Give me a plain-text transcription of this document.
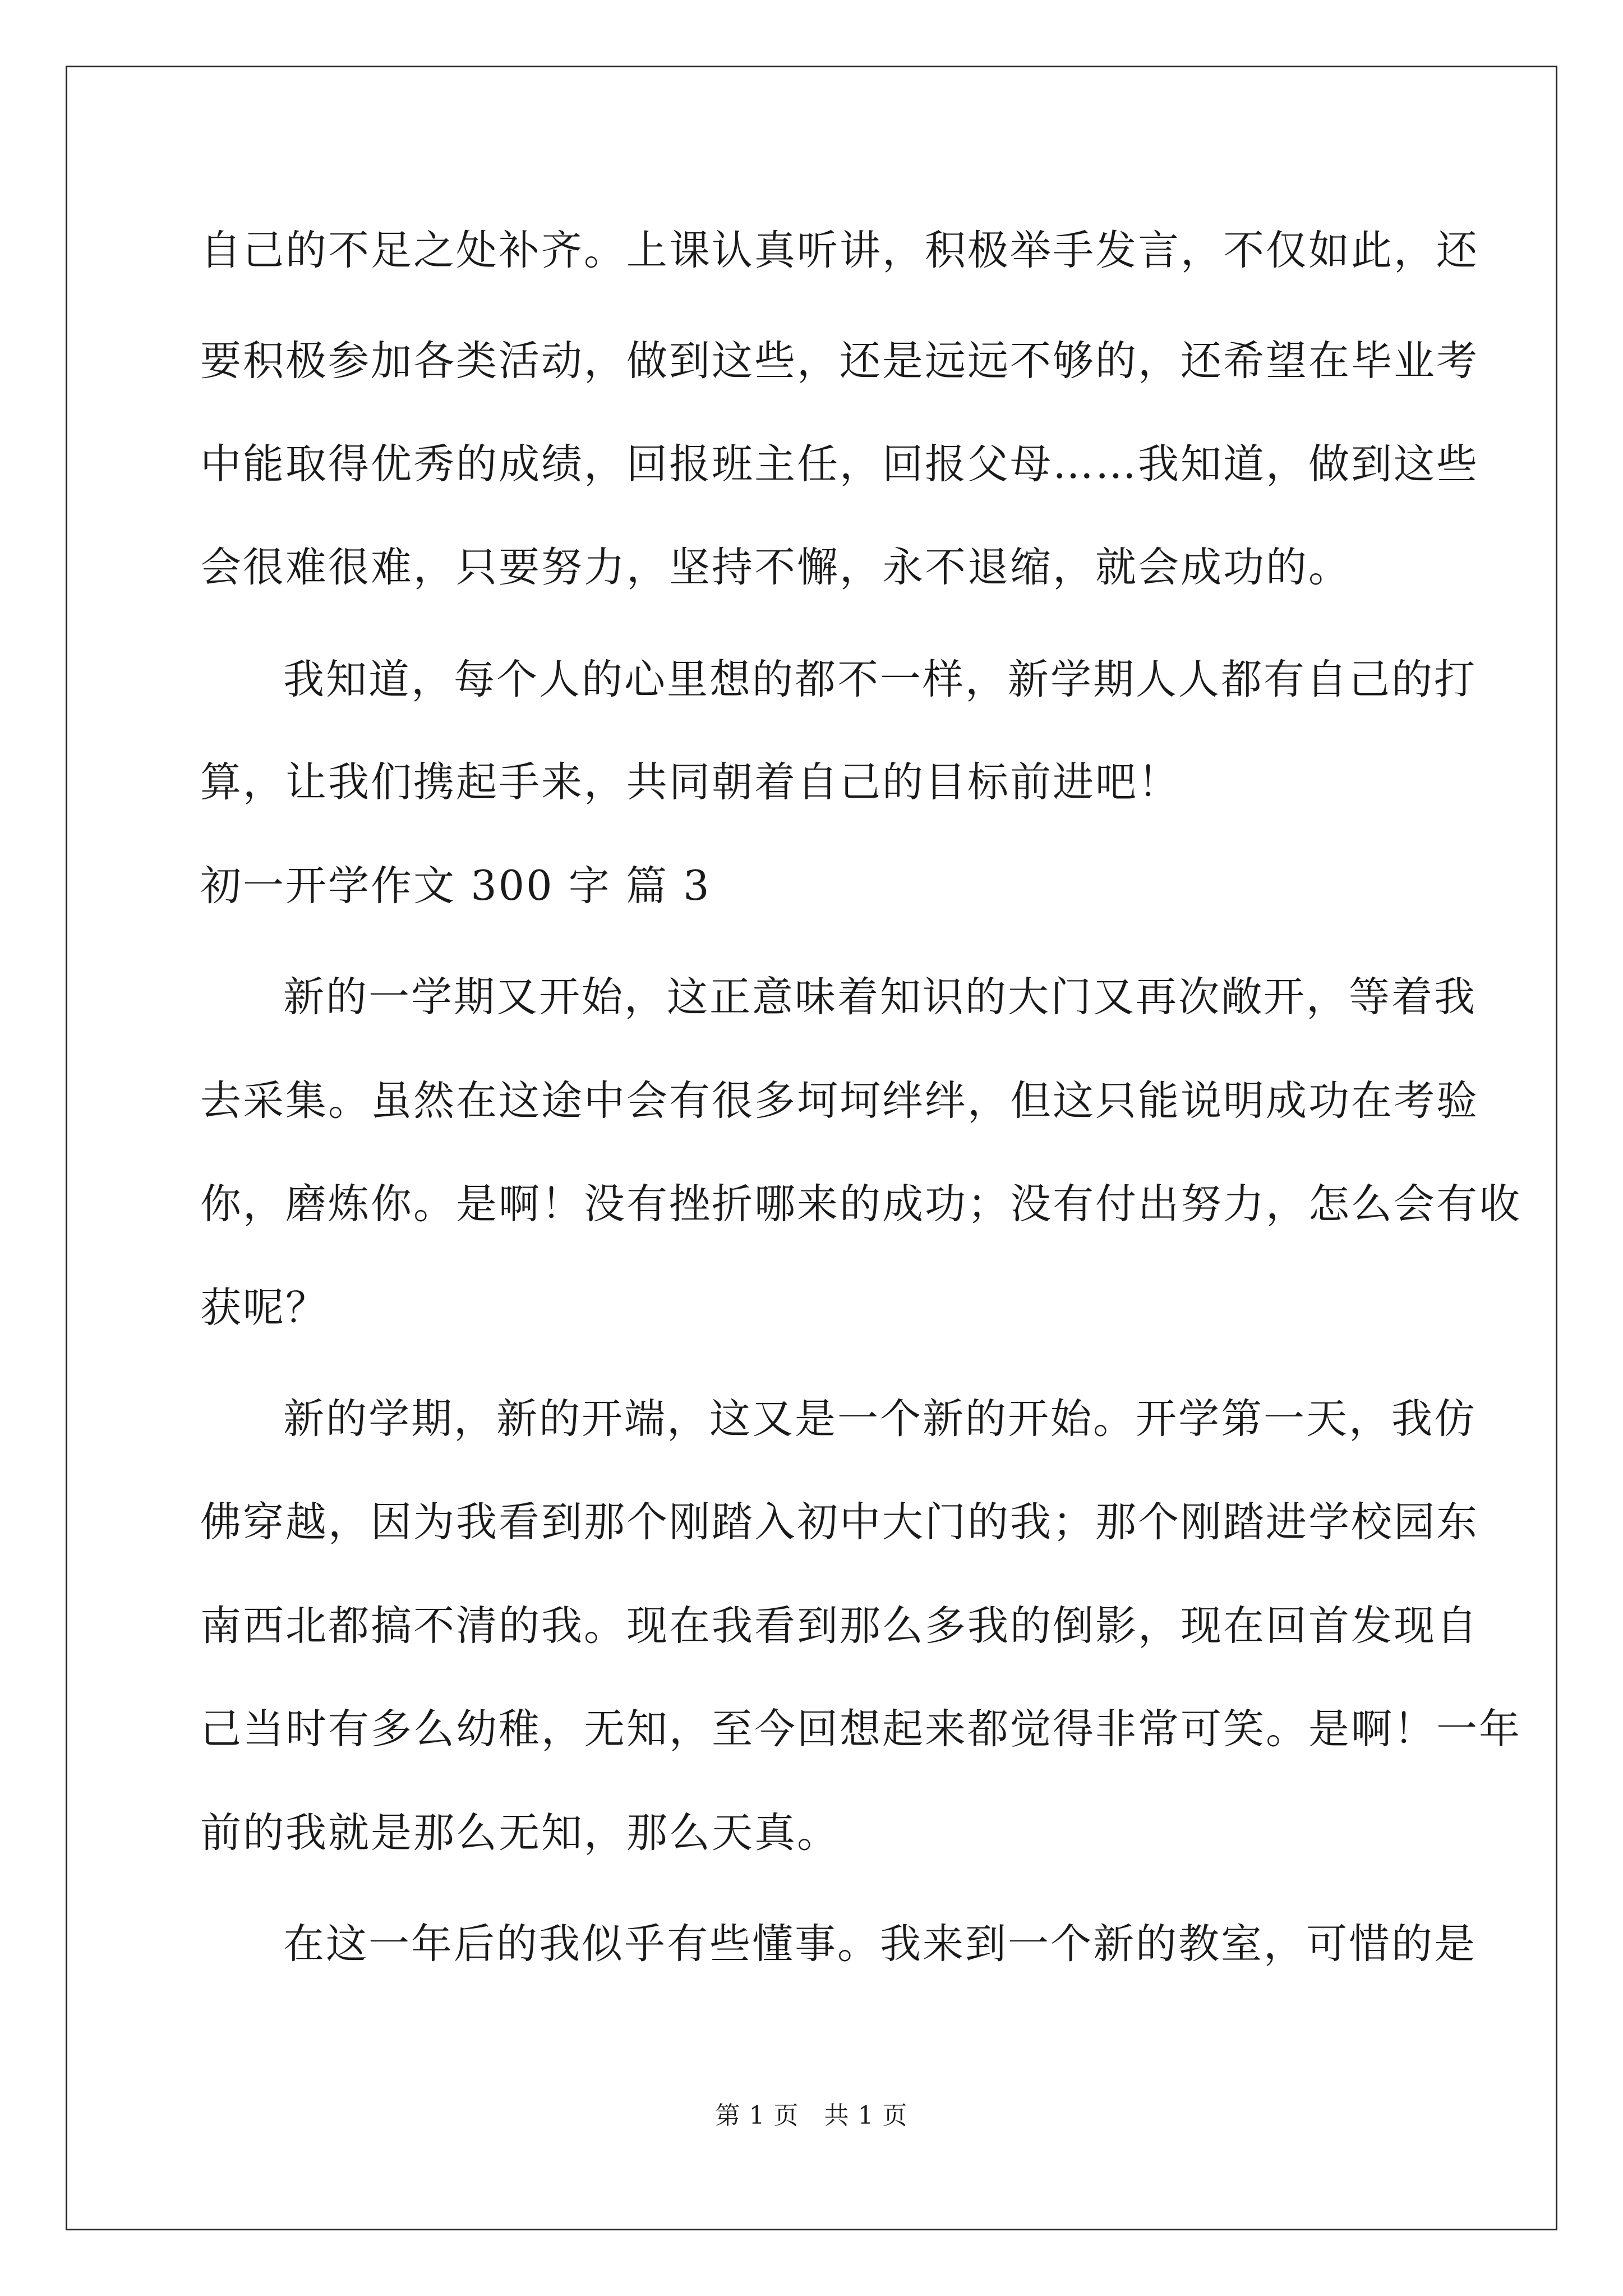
自己的不足之处补齐。上课认真听讲，积极举手发言，不仅如此，还
要积极参加各类活动，做到这些，还是远远不够的，还希望在毕业考
中能取得优秀的成绩，回报班主任，回报父母……我知道，做到这些
会很难很难，只要努力，坚持不懈，永不退缩，就会成功的。
我知道，每个人的心里想的都不一样，新学期人人都有自己的打
算，让我们携起手来，共同朝着自己的目标前进吧！
初一开学作文 300 字 篇 3
新的一学期又开始，这正意味着知识的大门又再次敞开，等着我
去采集。虽然在这途中会有很多坷坷绊绊，但这只能说明成功在考验
你，磨炼你。是啊！没有挫折哪来的成功；没有付出努力，怎么会有收
获呢？
新的学期，新的开端，这又是一个新的开始。开学第一天，我仿
佛穿越，因为我看到那个刚踏入初中大门的我；那个刚踏进学校园东
南西北都搞不清的我。现在我看到那么多我的倒影，现在回首发现自
己当时有多么幼稚，无知，至今回想起来都觉得非常可笑。是啊！一年
前的我就是那么无知，那么天真。
在这一年后的我似乎有些懂事。我来到一个新的教室，可惜的是
第 1 页　共 1 页
